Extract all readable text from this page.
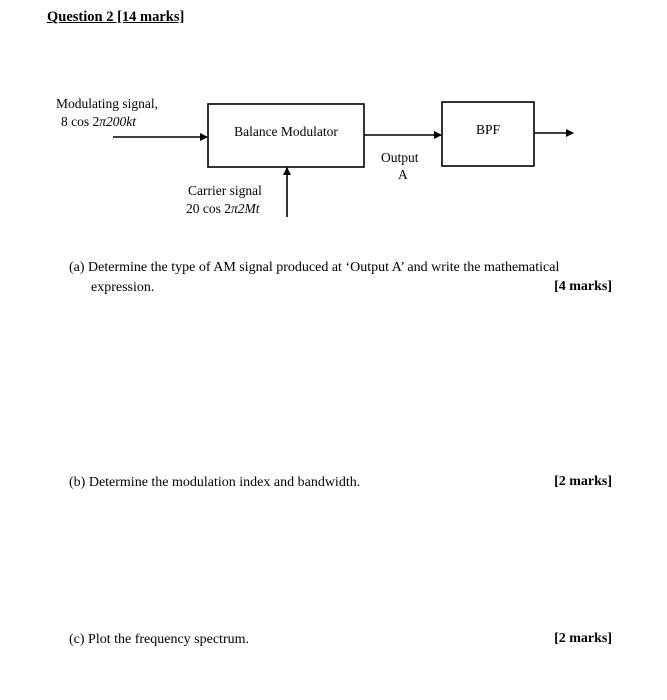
Question 2 [14 marks]
Balance Modulator	BPF
Modulating signal,
8 cos 2π200kt
Output
A
Carrier signal
20 cos 2π2Mt
(a) Determine the type of AM signal produced at ‘Output A’ and write the mathematical
expression.	[4 marks]
(b) Determine the modulation index and bandwidth.	[2 marks]
(c) Plot the frequency spectrum.	[2 marks]
